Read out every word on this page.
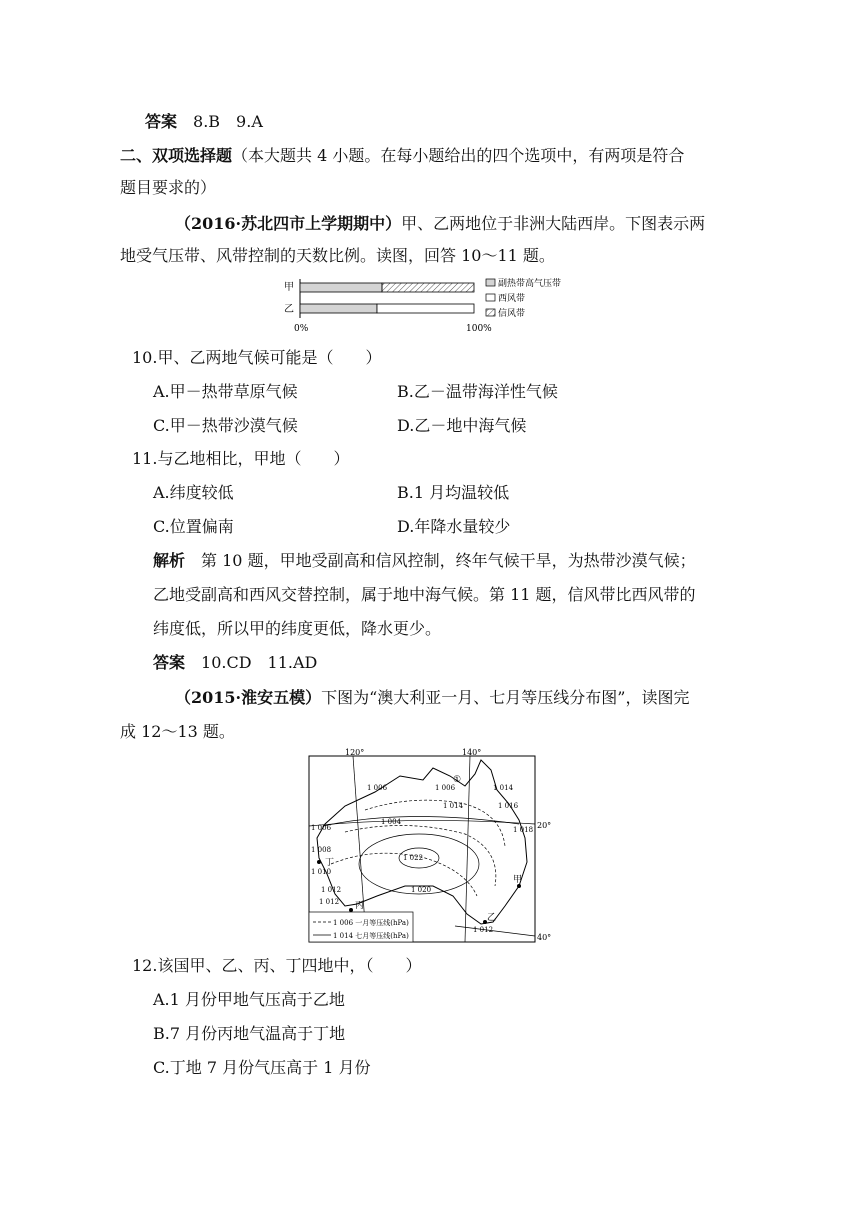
答案　 8.B　9.A
二、双项选择题（本大题共 4 小题。在每小题给出的四个选项中，有两项是符合
题目要求的）
（2016·苏北四市上学期期中）甲、乙两地位于非洲大陆西岸。下图表示两
地受气压带、风带控制的天数比例。读图，回答 10～11 题。
甲
乙
0%	100%
副热带高气压带
西风带
信风带
10.甲、乙两地气候可能是（　　）
A.甲－热带草原气候	B.乙－温带海洋性气候
C.甲－热带沙漠气候	D.乙－地中海气候
11.与乙地相比，甲地（　　）
A.纬度较低	B.1 月均温较低
C.位置偏南	D.年降水量较少
解析　 第 10 题，甲地受副高和信风控制，终年气候干旱，为热带沙漠气候；
乙地受副高和西风交替控制，属于地中海气候。第 11 题，信风带比西风带的
纬度低，所以甲的纬度更低，降水更少。
答案　 10.CD　11.AD
（2015·淮安五模）下图为“澳大利亚一月、七月等压线分布图”，读图完
成 12～13 题。
120°	140°
20°
40°
1 006
1 006	1 014
1 014	1 016
1 004
1 006	1 018
1 008
1 022
1 010
1 012	1 020
1 012
1 012
①
丁
丙
甲
乙
1 006 一月等压线(hPa)
1 014 七月等压线(hPa)
12.该国甲、乙、丙、丁四地中，（　　）
A.1 月份甲地气压高于乙地
B.7 月份丙地气温高于丁地
C.丁地 7 月份气压高于 1 月份
